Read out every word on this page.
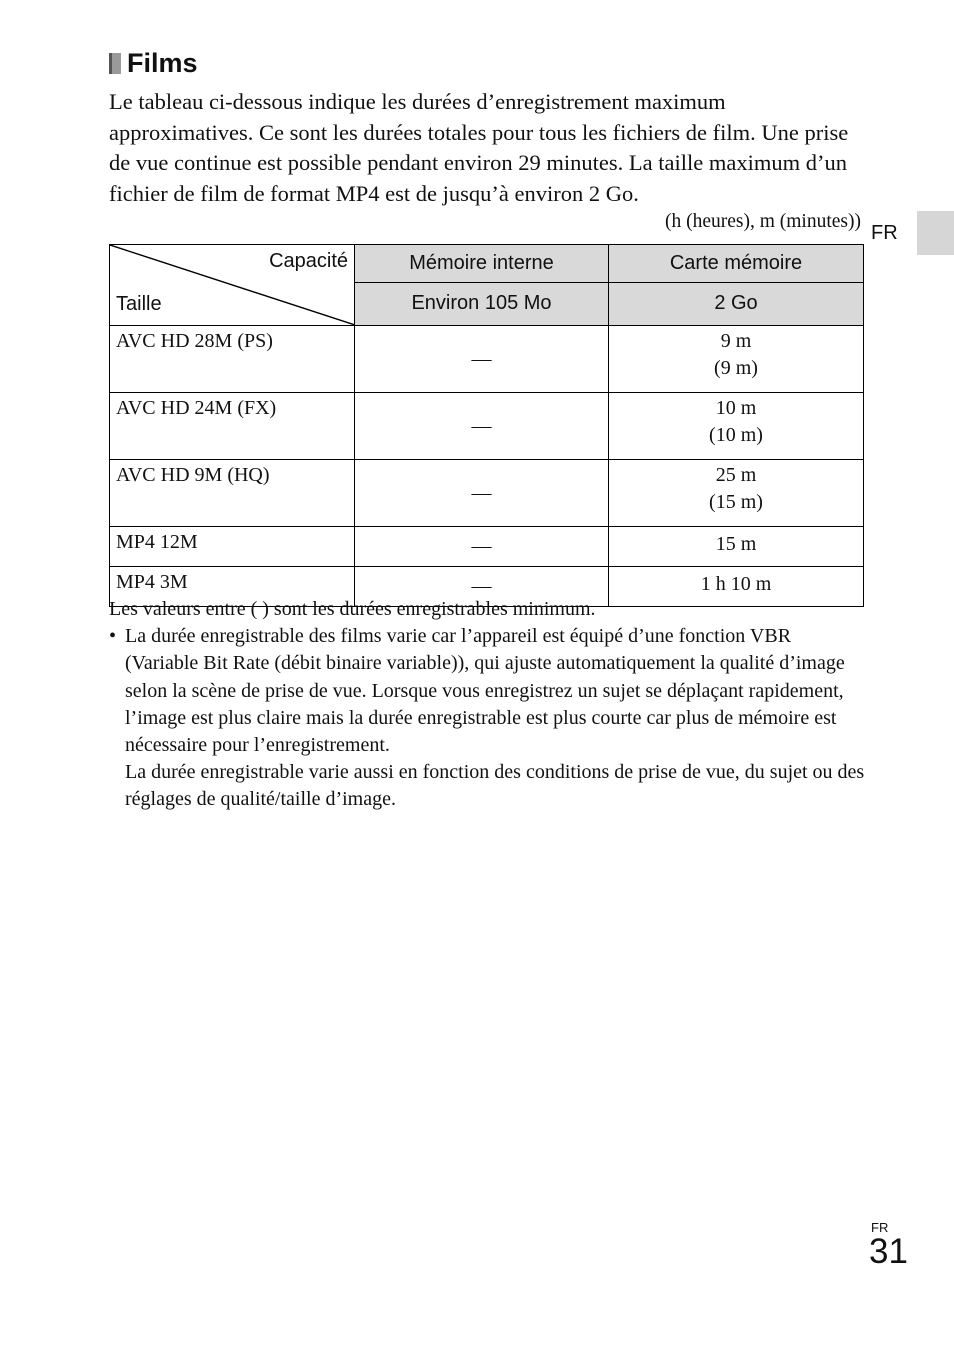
Films

Le tableau ci-dessous indique les durées d’enregistrement maximum approximatives. Ce sont les durées totales pour tous les fichiers de film. Une prise de vue continue est possible pendant environ 29 minutes. La taille maximum d’un fichier de film de format MP4 est de jusqu’à environ 2 Go.

(h (heures), m (minutes))
FR
Capacité
Taille	Mémoire interne	Carte mémoire
	Environ 105 Mo	2 Go
AVC HD 28M (PS)	—	9 m
(9 m)

AVC HD 24M (FX)	—	10 m
(10 m)

AVC HD 9M (HQ)	—	25 m
(15 m)

MP4 12M	—	15 m
MP4 3M	—	1 h 10 m
Les valeurs entre ( ) sont les durées enregistrables minimum.
• La durée enregistrable des films varie car l’appareil est équipé d’une fonction VBR (Variable Bit Rate (débit binaire variable)), qui ajuste automatiquement la qualité d’image selon la scène de prise de vue. Lorsque vous enregistrez un sujet se déplaçant rapidement, l’image est plus claire mais la durée enregistrable est plus courte car plus de mémoire est nécessaire pour l’enregistrement.
La durée enregistrable varie aussi en fonction des conditions de prise de vue, du sujet ou des réglages de qualité/taille d’image.
FR
31
